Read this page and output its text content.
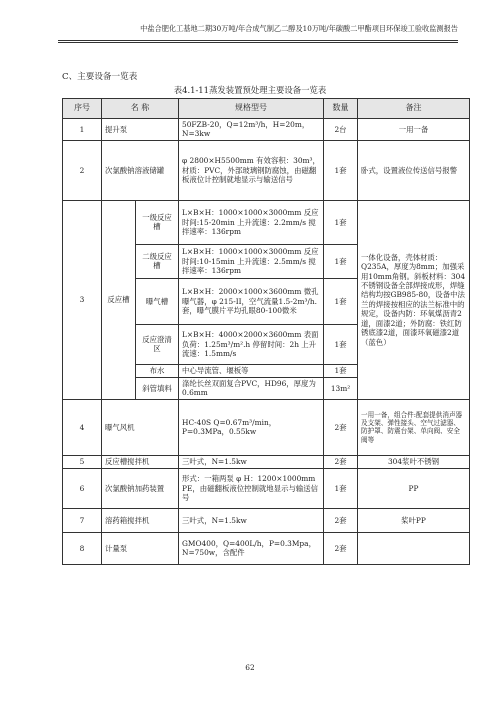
中盐合肥化工基地二期30万吨/年合成气制乙二醇及10万吨/年碳酸二甲酯项目环保竣工验收监测报告
C、主要设备一览表
表4.1-11蒸发装置预处理主要设备一览表
序号	名 称		规格型号	数量	备注
1	提升泵		50FZB-20，Q=12m³/h，H=20m，N=3kw	2台	一用一备
2	次氯酸钠溶液储罐		φ 2800×H5500mm 有效容积：30m³，材质：PVC，外部玻璃钢防腐蚀，由磁翻板液位计控制就地显示与输送信号	1套	卧式，设置液位传送信号报警
3	反应槽	一级反应槽	L×B×H：1000×1000×3000mm 反应时间:15-20min 上升流速：2.2mm/s 搅拌速率：136rpm	1套	一体化设备，壳体材质：Q235A，厚度为8mm；加强采用10mm角钢。斜板材料：304不锈钢设备全部焊接成形，焊缝结构均按GB985-80，设备中法兰的焊接按相应的法兰标准中的规定，设备内防：环氧煤沥青2道，面漆2道；外防腐：铁红防锈底漆2道，面漆环氧磁漆2道（蓝色）
		二级反应槽	L×B×H：1000×1000×3000mm 反应时间:10-15min 上升流速：2.5mm/s 搅拌速率：136rpm	1套	
		曝气槽	L×B×H：2000×1000×3600mm 微孔曝气器，φ 215-II，空气流量1.5-2m³/h.套，曝气膜片平均孔眼80-100微米	1套	
		反应澄清区	L×B×H：4000×2000×3600mm 表面负荷：1.25m³/m².h 停留时间：2h 上升流速：1.5mm/s	1套	
		布水	中心导流管、堰板等	1套	
		斜管填料	涤纶长丝双面复合PVC，HD96，厚度为0.6mm	13m²	
4	曝气风机		HC-40S Q=0.67m³/min，P=0.3MPa，0.55kw	2套	一用一备，组合件:配套提供消声器及支架、弹性接头、空气过滤器、防护罩、防震台架、单向阀、安全阀等
5	反应槽搅拌机		三叶式，N=1.5kw	2套	304浆叶不锈钢
6	次氯酸钠加药装置		形式：一箱两泵 φ H：1200×1000mm PE，由磁翻板液位控制就地显示与输送信号	1套	PP
7	溶药箱搅拌机		三叶式，N=1.5kw	2套	桨叶PP
8	计量泵		GMO400，Q=400L/h，P=0.3Mpa，N=750w，含配件	2套	
62
